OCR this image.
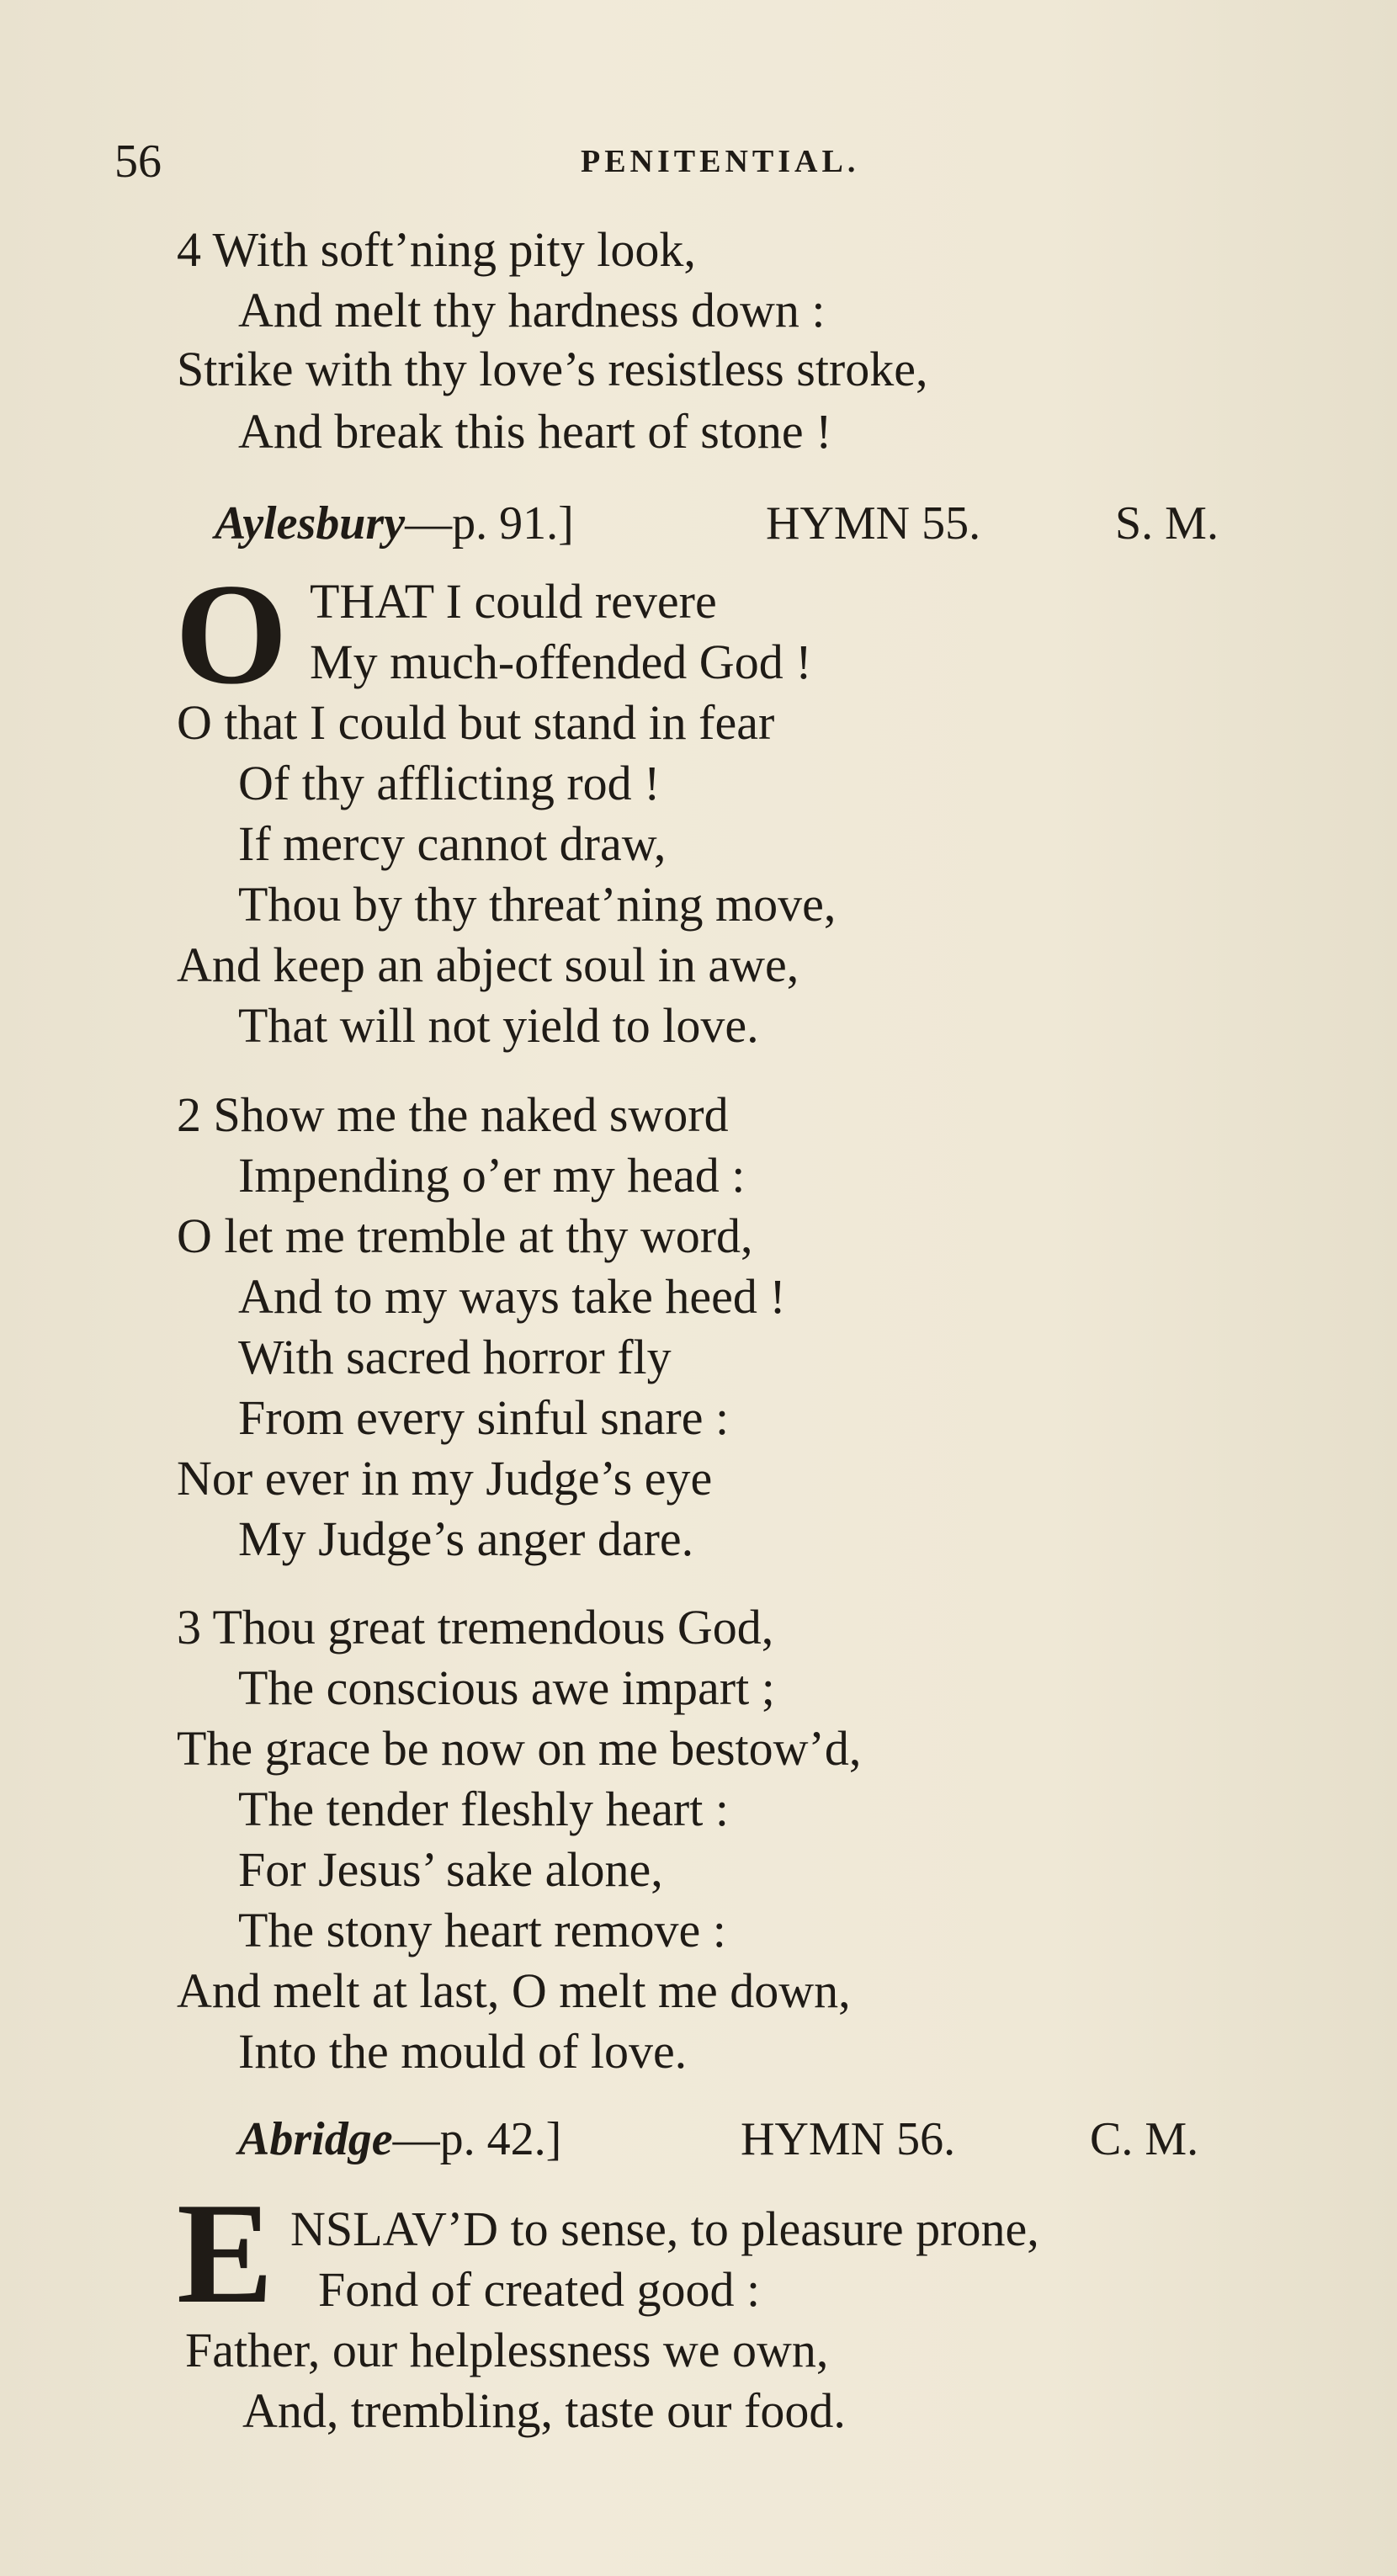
56	PENITENTIAL.
4 With soft’ning pity look,
And melt thy hardness down :
Strike with thy love’s resistless stroke,
And break this heart of stone !
Aylesbury—p. 91.]	HYMN 55.	S. M.
O THAT I could revere
My much-offended God !
O that I could but stand in fear
Of thy afflicting rod !
If mercy cannot draw,
Thou by thy threat’ning move,
And keep an abject soul in awe,
That will not yield to love.
2 Show me the naked sword
Impending o’er my head :
O let me tremble at thy word,
And to my ways take heed !
With sacred horror fly
From every sinful snare :
Nor ever in my Judge’s eye
My Judge’s anger dare.
3 Thou great tremendous God,
The conscious awe impart ;
The grace be now on me bestow’d,
The tender fleshly heart :
For Jesus’ sake alone,
The stony heart remove :
And melt at last, O melt me down,
Into the mould of love.
Abridge—p. 42.]	HYMN 56.	C. M.
E NSLAV’D to sense, to pleasure prone,
Fond of created good :
Father, our helplessness we own,
And, trembling, taste our food.
